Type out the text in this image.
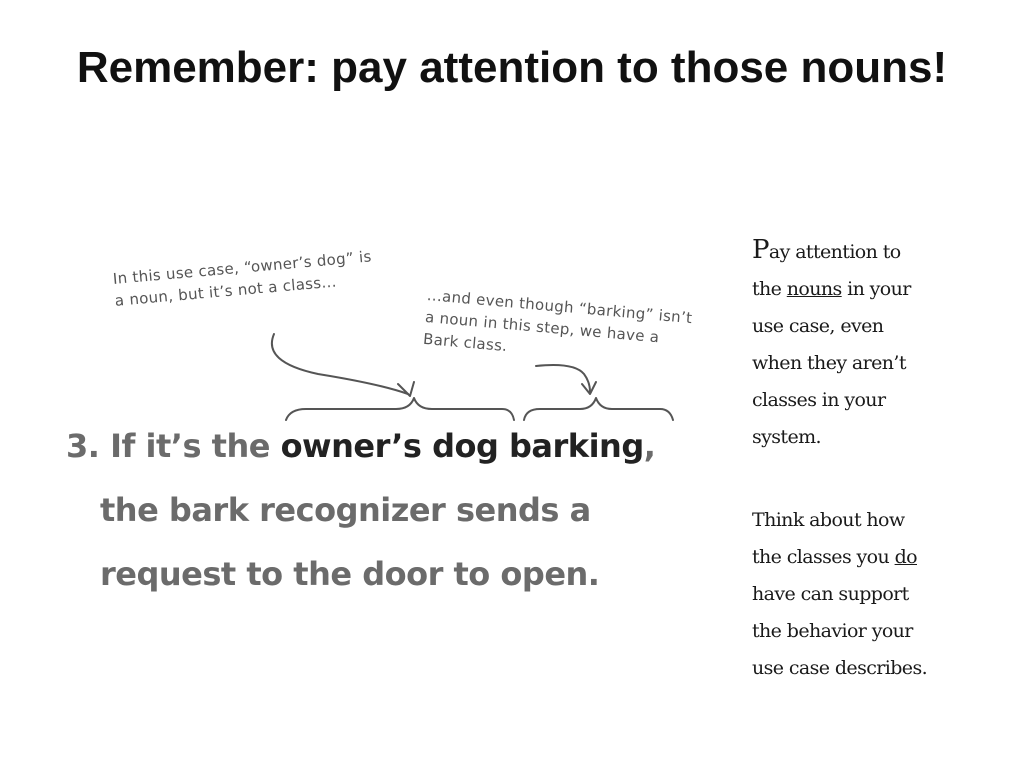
Remember: pay attention to those nouns!

In this use case, “owner’s dog” is
a noun, but it’s not a class...	...and even though “barking” isn’t
a noun in this step, we have a
Bark class.

3. If it’s the owner’s dog barking,
the bark recognizer sends a
request to the door to open.

Pay attention to
the nouns in your
use case, even
when they aren’t
classes in your
system.

Think about how
the classes you do
have can support
the behavior your
use case describes.
